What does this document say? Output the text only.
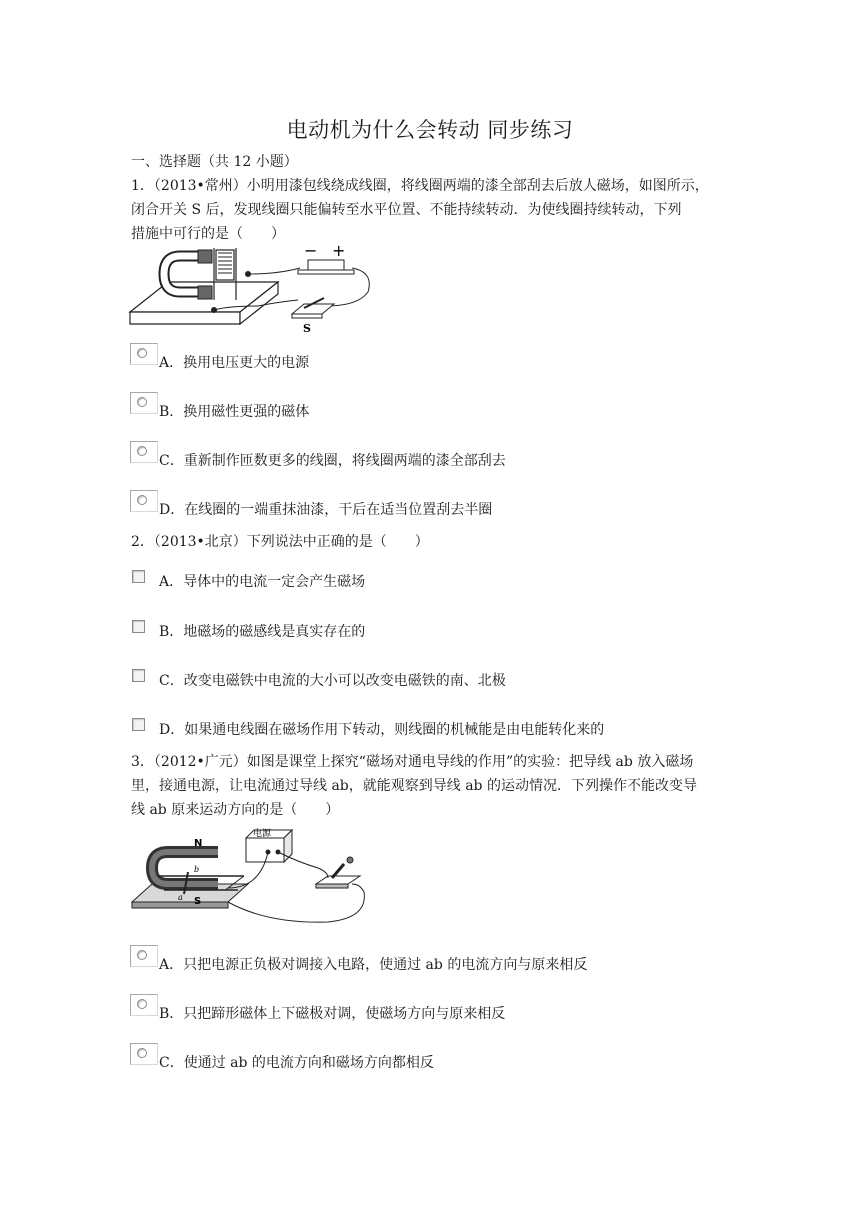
电动机为什么会转动 同步练习
一、选择题（共 12 小题）
1．（2013•常州）小明用漆包线绕成线圈，将线圈两端的漆全部刮去后放人磁场，如图所示，
闭合开关 S 后，发现线圈只能偏转至水平位置、不能持续转动．为使线圈持续转动，下列
措施中可行的是（　　）
− +
S
A．换用电压更大的电源
B．换用磁性更强的磁体
C．重新制作匝数更多的线圈，将线圈两端的漆全部刮去
D．在线圈的一端重抹油漆，干后在适当位置刮去半圈
2．（2013•北京）下列说法中正确的是（　　）
A．导体中的电流一定会产生磁场
B．地磁场的磁感线是真实存在的
C．改变电磁铁中电流的大小可以改变电磁铁的南、北极
D．如果通电线圈在磁场作用下转动，则线圈的机械能是由电能转化来的
3．（2012•广元）如图是课堂上探究“磁场对通电导线的作用”的实验：把导线 ab 放入磁场
里，接通电源，让电流通过导线 ab，就能观察到导线 ab 的运动情况．下列操作不能改变导
线 ab 原来运动方向的是（　　）
N
S
a
b
电源
A．只把电源正负极对调接入电路，使通过 ab 的电流方向与原来相反
B．只把蹄形磁体上下磁极对调，使磁场方向与原来相反
C．使通过 ab 的电流方向和磁场方向都相反
